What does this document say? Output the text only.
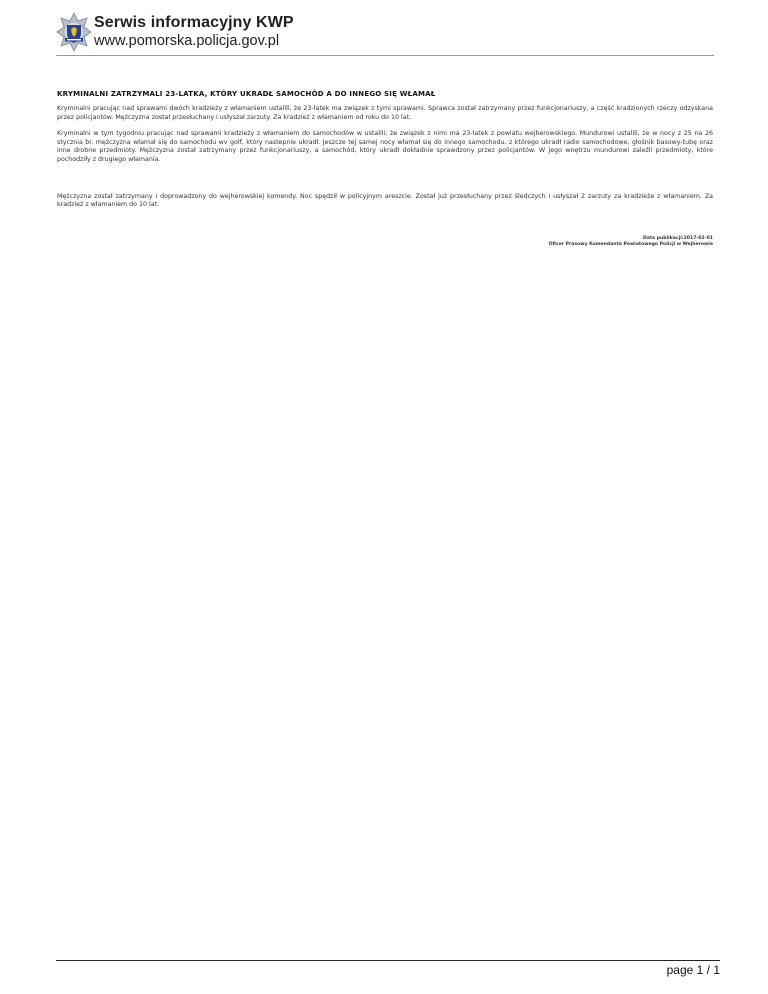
Serwis informacyjny KWP
www.pomorska.policja.gov.pl
KRYMINALNI ZATRZYMALI 23-LATKA, KTÓRY UKRADŁ SAMOCHÓD A DO INNEGO SIĘ WŁAMAŁ

Kryminalni pracując nad sprawami dwóch kradzieży z włamaniem ustalili, że 23-latek ma związek z tymi sprawami. Sprawca został zatrzymany przez funkcjonariuszy, a część kradzionych rzeczy odzyskana przez policjantów. Mężczyzna został przesłuchany i usłyszał zarzuty. Za kradzież z włamaniem od roku do 10 lat.

Kryminalni w tym tygodniu pracując nad sprawami kradzieży z włamaniem do samochodów w ustalili, że związek z nimi ma 23-latek z powiatu wejherowskiego. Mundurowi ustalili, że w nocy z 25 na 26 stycznia br. mężczyzna włamał się do samochodu wv golf, który nastepnie ukradł. Jeszcze tej samej nocy włamał się do innego samochodu, z którego ukradł radio samochodowe, głośnik basowy-tubę oraz inne drobne przedmioty. Mężczyzna został zatrzymany przez funkcjonariuszy, a samochód, który ukradł dokładnie sprawdzony przez policjantów. W jego wnętrzu mundurowi zaleźli przedmioty, które pochodziły z drugiego włamania.

Mężczyzna został zatrzymany i doprowadzony do wejherowskiej komendy. Noc spędził w policyjnym areszcie. Został już przesłuchany przez śledczych i usłyszał 2 zarzuty za kradzieże z włamaniem. Za kradzież z włamaniem do 10 lat.

Data publikacji:2017-02-01
Oficer Prasowy Komendanta Powiatowego Policji w Wejherowie
page 1 / 1
